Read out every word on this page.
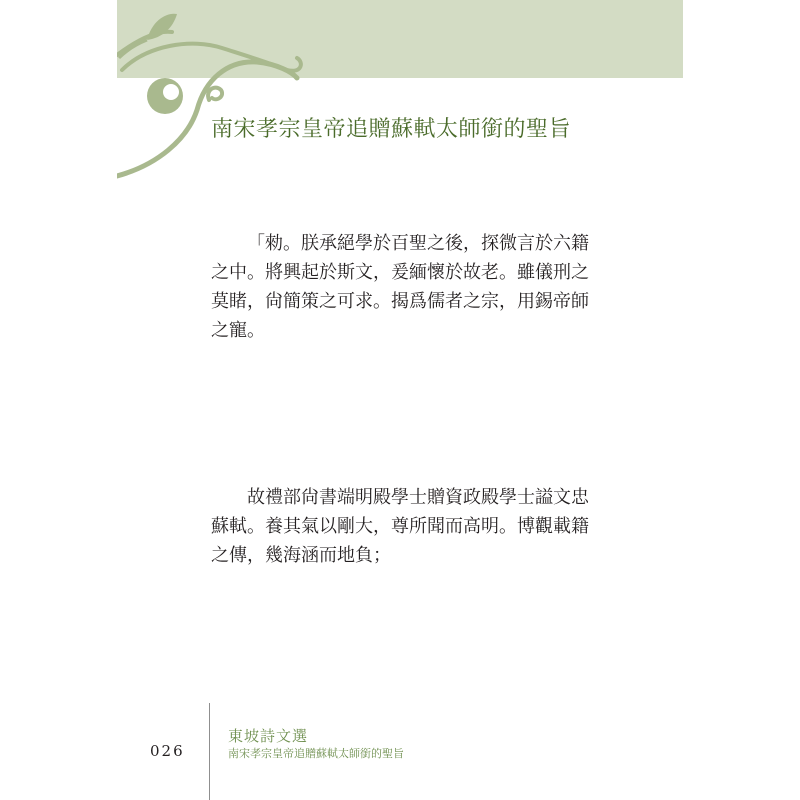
南宋孝宗皇帝追贈蘇軾太師銜的聖旨

「勑。朕承絕學於百聖之後，探微言於六籍之中。將興起於斯文，爰緬懷於故老。雖儀刑之莫睹，尙簡策之可求。揭爲儒者之宗，用錫帝師之寵。

故禮部尙書端明殿學士贈資政殿學士謚文忠蘇軾。養其氣以剛大，尊所聞而高明。博觀載籍之傳，幾海涵而地負；

026
東坡詩文選
南宋孝宗皇帝追贈蘇軾太師銜的聖旨
